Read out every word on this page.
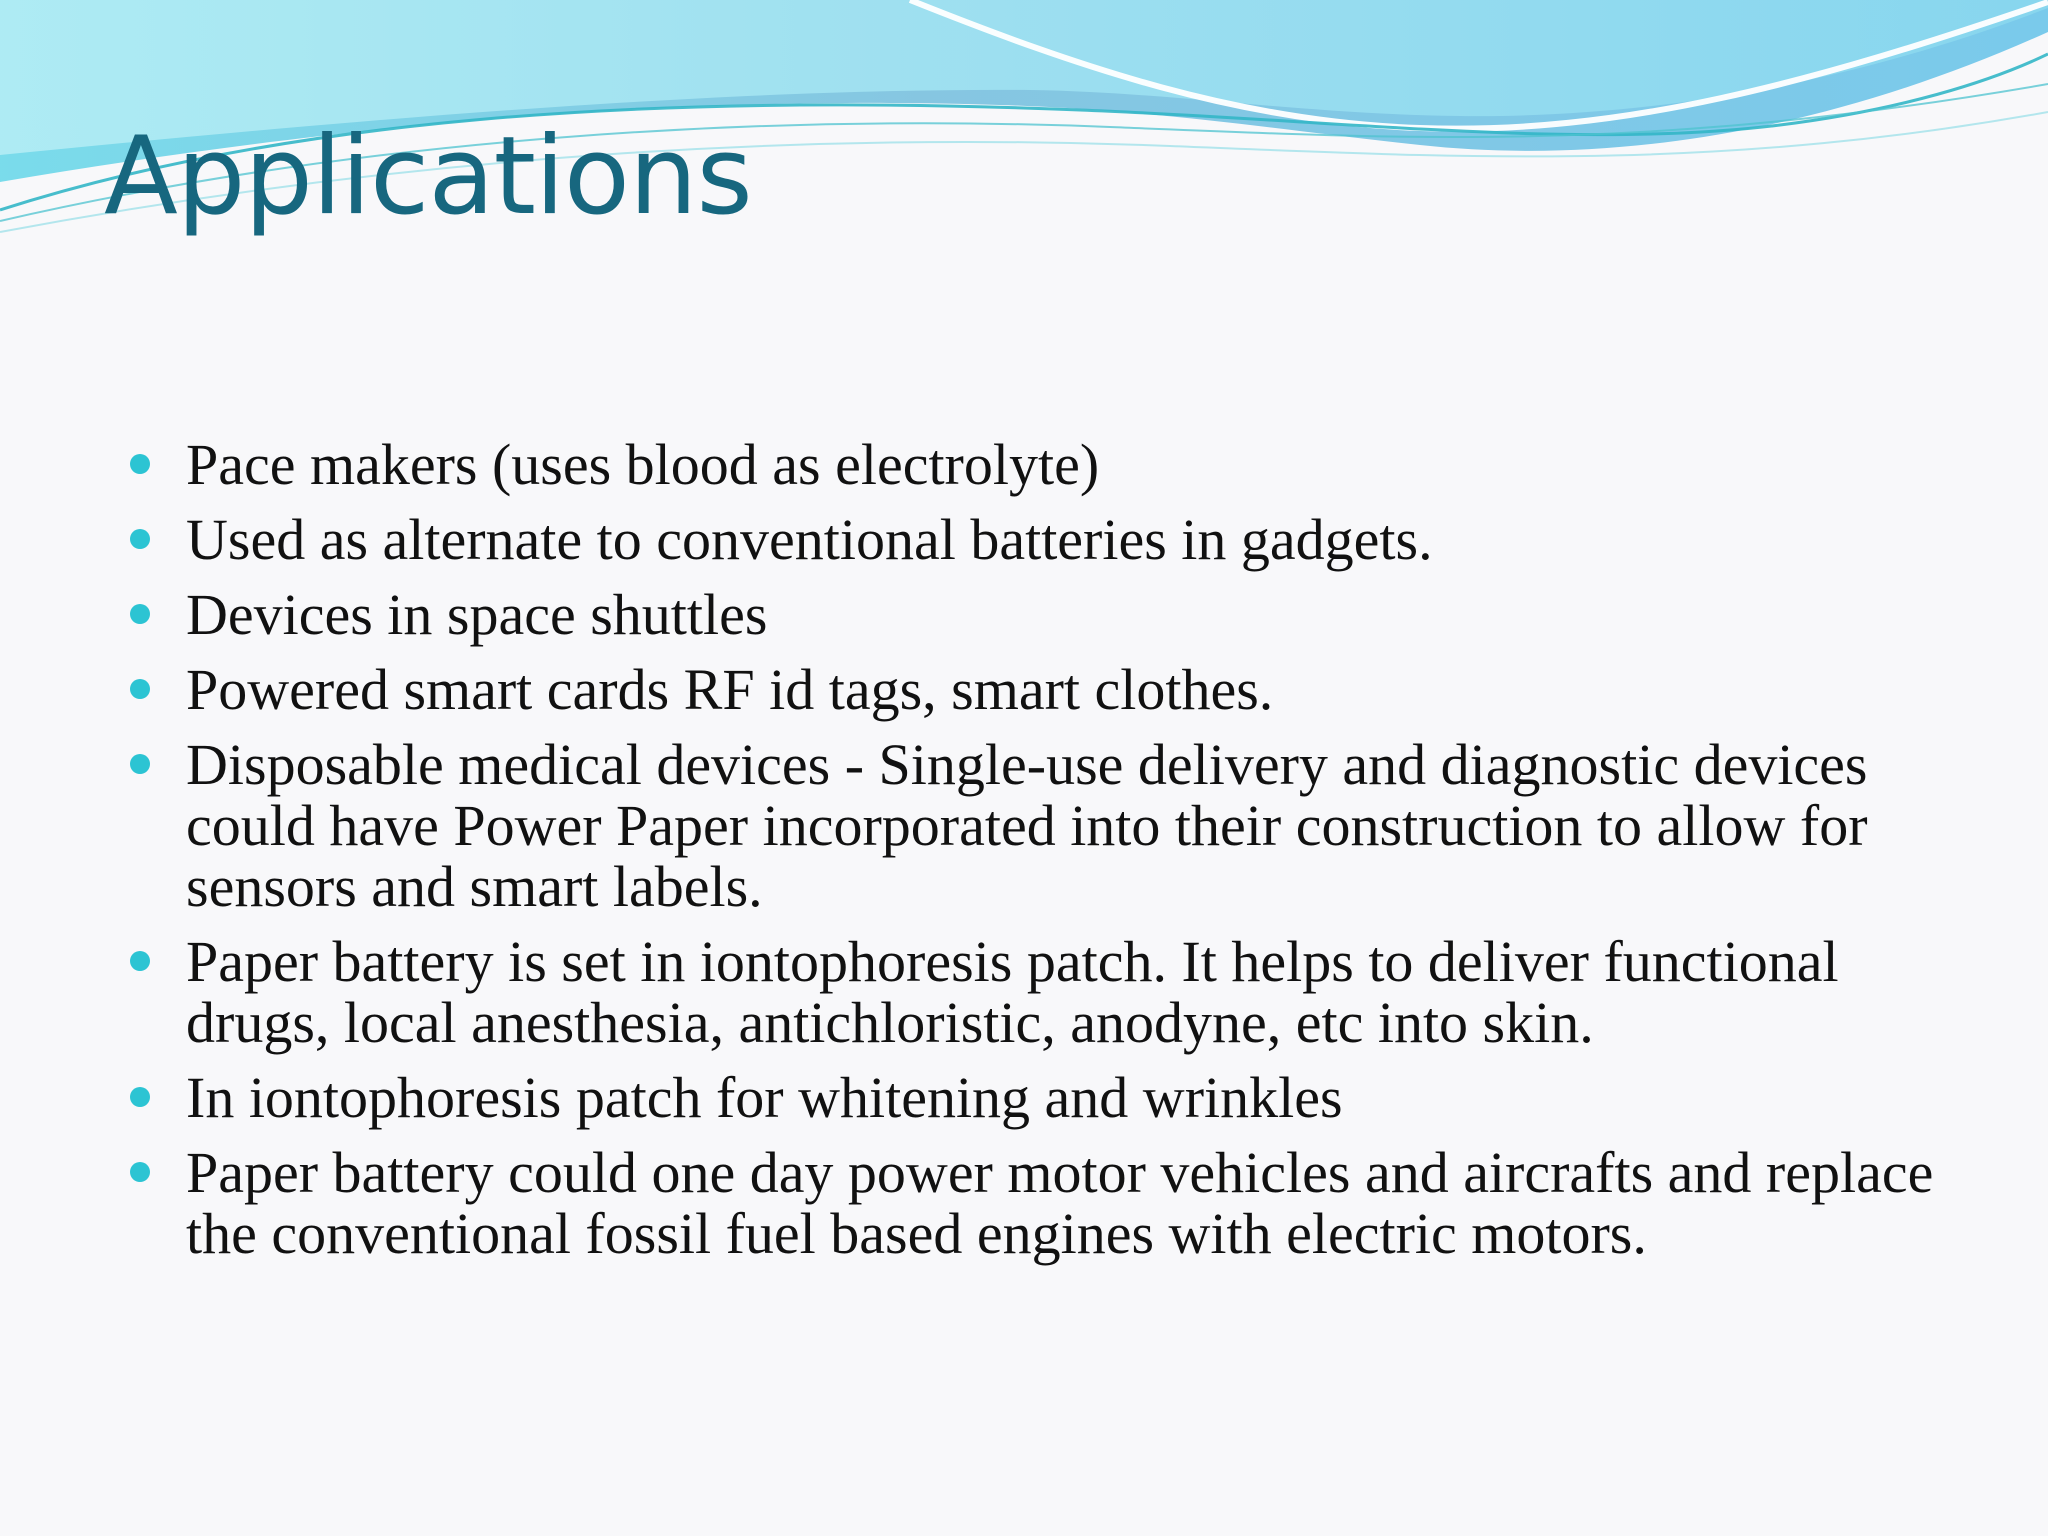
Applications
Pace makers (uses blood as electrolyte)
Used as alternate to conventional batteries in gadgets.
Devices in space shuttles
Powered smart cards RF id tags, smart clothes.
Disposable medical devices - Single-use delivery and diagnostic devices could have Power Paper incorporated into their construction to allow for sensors and smart labels.
Paper battery is set in iontophoresis patch. It helps to deliver functional drugs, local anesthesia, antichloristic, anodyne, etc into skin.
In iontophoresis patch for whitening and wrinkles
Paper battery could one day power motor vehicles and aircrafts and replace the conventional fossil fuel based engines with electric motors.
